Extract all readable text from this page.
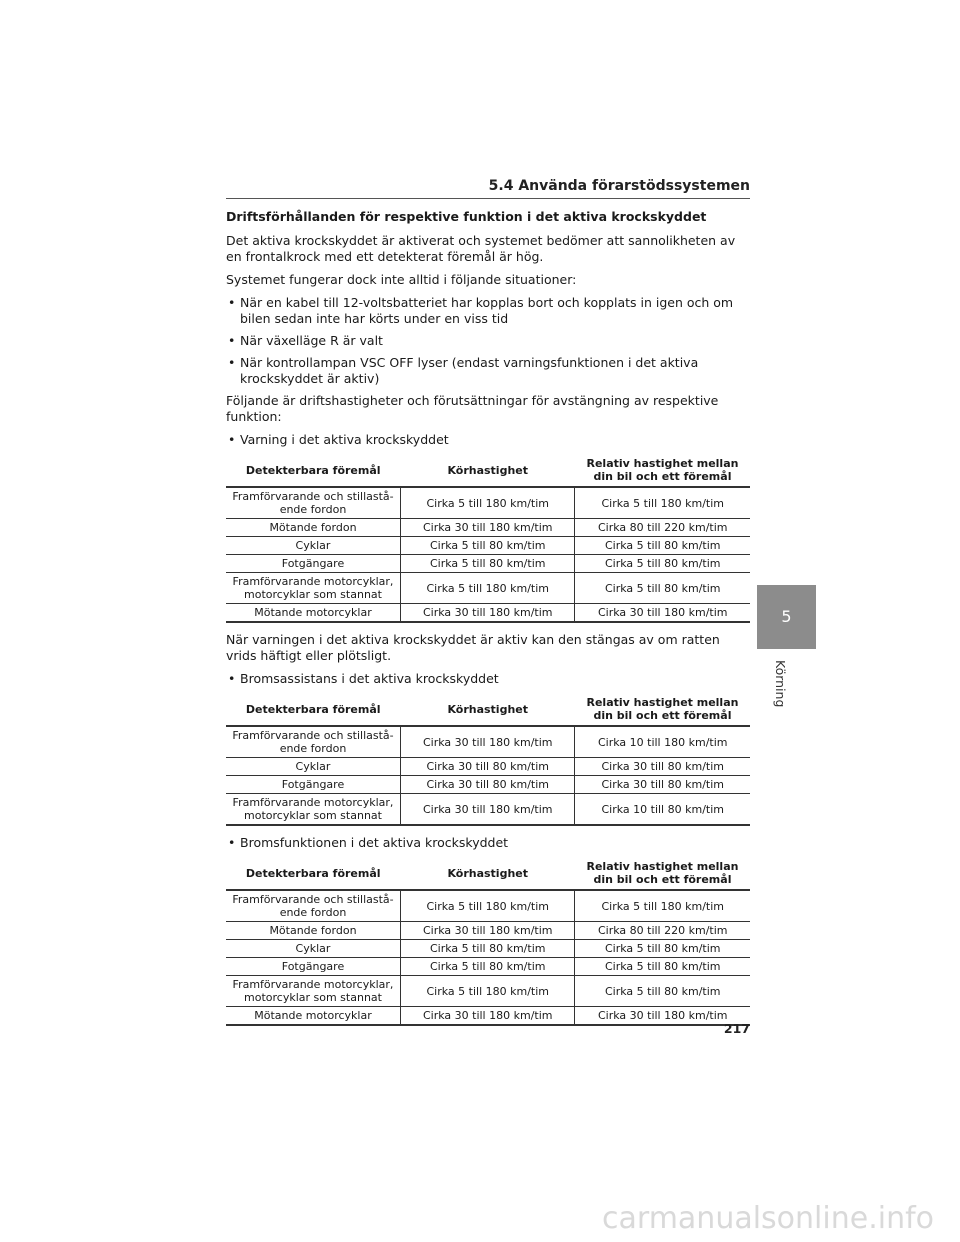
5.4 Använda förarstödssystemen
Driftsförhållanden för respektive funktion i det aktiva krockskyddet
Det aktiva krockskyddet är aktiverat och systemet bedömer att sannolikheten av en frontalkrock med ett detekterat föremål är hög.
Systemet fungerar dock inte alltid i följande situationer:
• När en kabel till 12-voltsbatteriet har kopplas bort och kopplats in igen och om bilen sedan inte har körts under en viss tid
• När växelläge R är valt
• När kontrollampan VSC OFF lyser (endast varningsfunktionen i det aktiva krockskyddet är aktiv)
Följande är driftshastigheter och förutsättningar för avstängning av respektive funktion:
• Varning i det aktiva krockskyddet
Detekterbara föremål	Körhastighet	Relativ hastighet mellan din bil och ett föremål
Framförvarande och stillastå-ende fordon	Cirka 5 till 180 km/tim	Cirka 5 till 180 km/tim
Mötande fordon	Cirka 30 till 180 km/tim	Cirka 80 till 220 km/tim
Cyklar	Cirka 5 till 80 km/tim	Cirka 5 till 80 km/tim
Fotgängare	Cirka 5 till 80 km/tim	Cirka 5 till 80 km/tim
Framförvarande motorcyklar, motorcyklar som stannat	Cirka 5 till 180 km/tim	Cirka 5 till 80 km/tim
Mötande motorcyklar	Cirka 30 till 180 km/tim	Cirka 30 till 180 km/tim
När varningen i det aktiva krockskyddet är aktiv kan den stängas av om ratten vrids häftigt eller plötsligt.
• Bromsassistans i det aktiva krockskyddet
Detekterbara föremål	Körhastighet	Relativ hastighet mellan din bil och ett föremål
Framförvarande och stillastå-ende fordon	Cirka 30 till 180 km/tim	Cirka 10 till 180 km/tim
Cyklar	Cirka 30 till 80 km/tim	Cirka 30 till 80 km/tim
Fotgängare	Cirka 30 till 80 km/tim	Cirka 30 till 80 km/tim
Framförvarande motorcyklar, motorcyklar som stannat	Cirka 30 till 180 km/tim	Cirka 10 till 80 km/tim
• Bromsfunktionen i det aktiva krockskyddet
Detekterbara föremål	Körhastighet	Relativ hastighet mellan din bil och ett föremål
Framförvarande och stillastå-ende fordon	Cirka 5 till 180 km/tim	Cirka 5 till 180 km/tim
Mötande fordon	Cirka 30 till 180 km/tim	Cirka 80 till 220 km/tim
Cyklar	Cirka 5 till 80 km/tim	Cirka 5 till 80 km/tim
Fotgängare	Cirka 5 till 80 km/tim	Cirka 5 till 80 km/tim
Framförvarande motorcyklar, motorcyklar som stannat	Cirka 5 till 180 km/tim	Cirka 5 till 80 km/tim
Mötande motorcyklar	Cirka 30 till 180 km/tim	Cirka 30 till 180 km/tim
5
Körning
217
carmanualsonline.info
